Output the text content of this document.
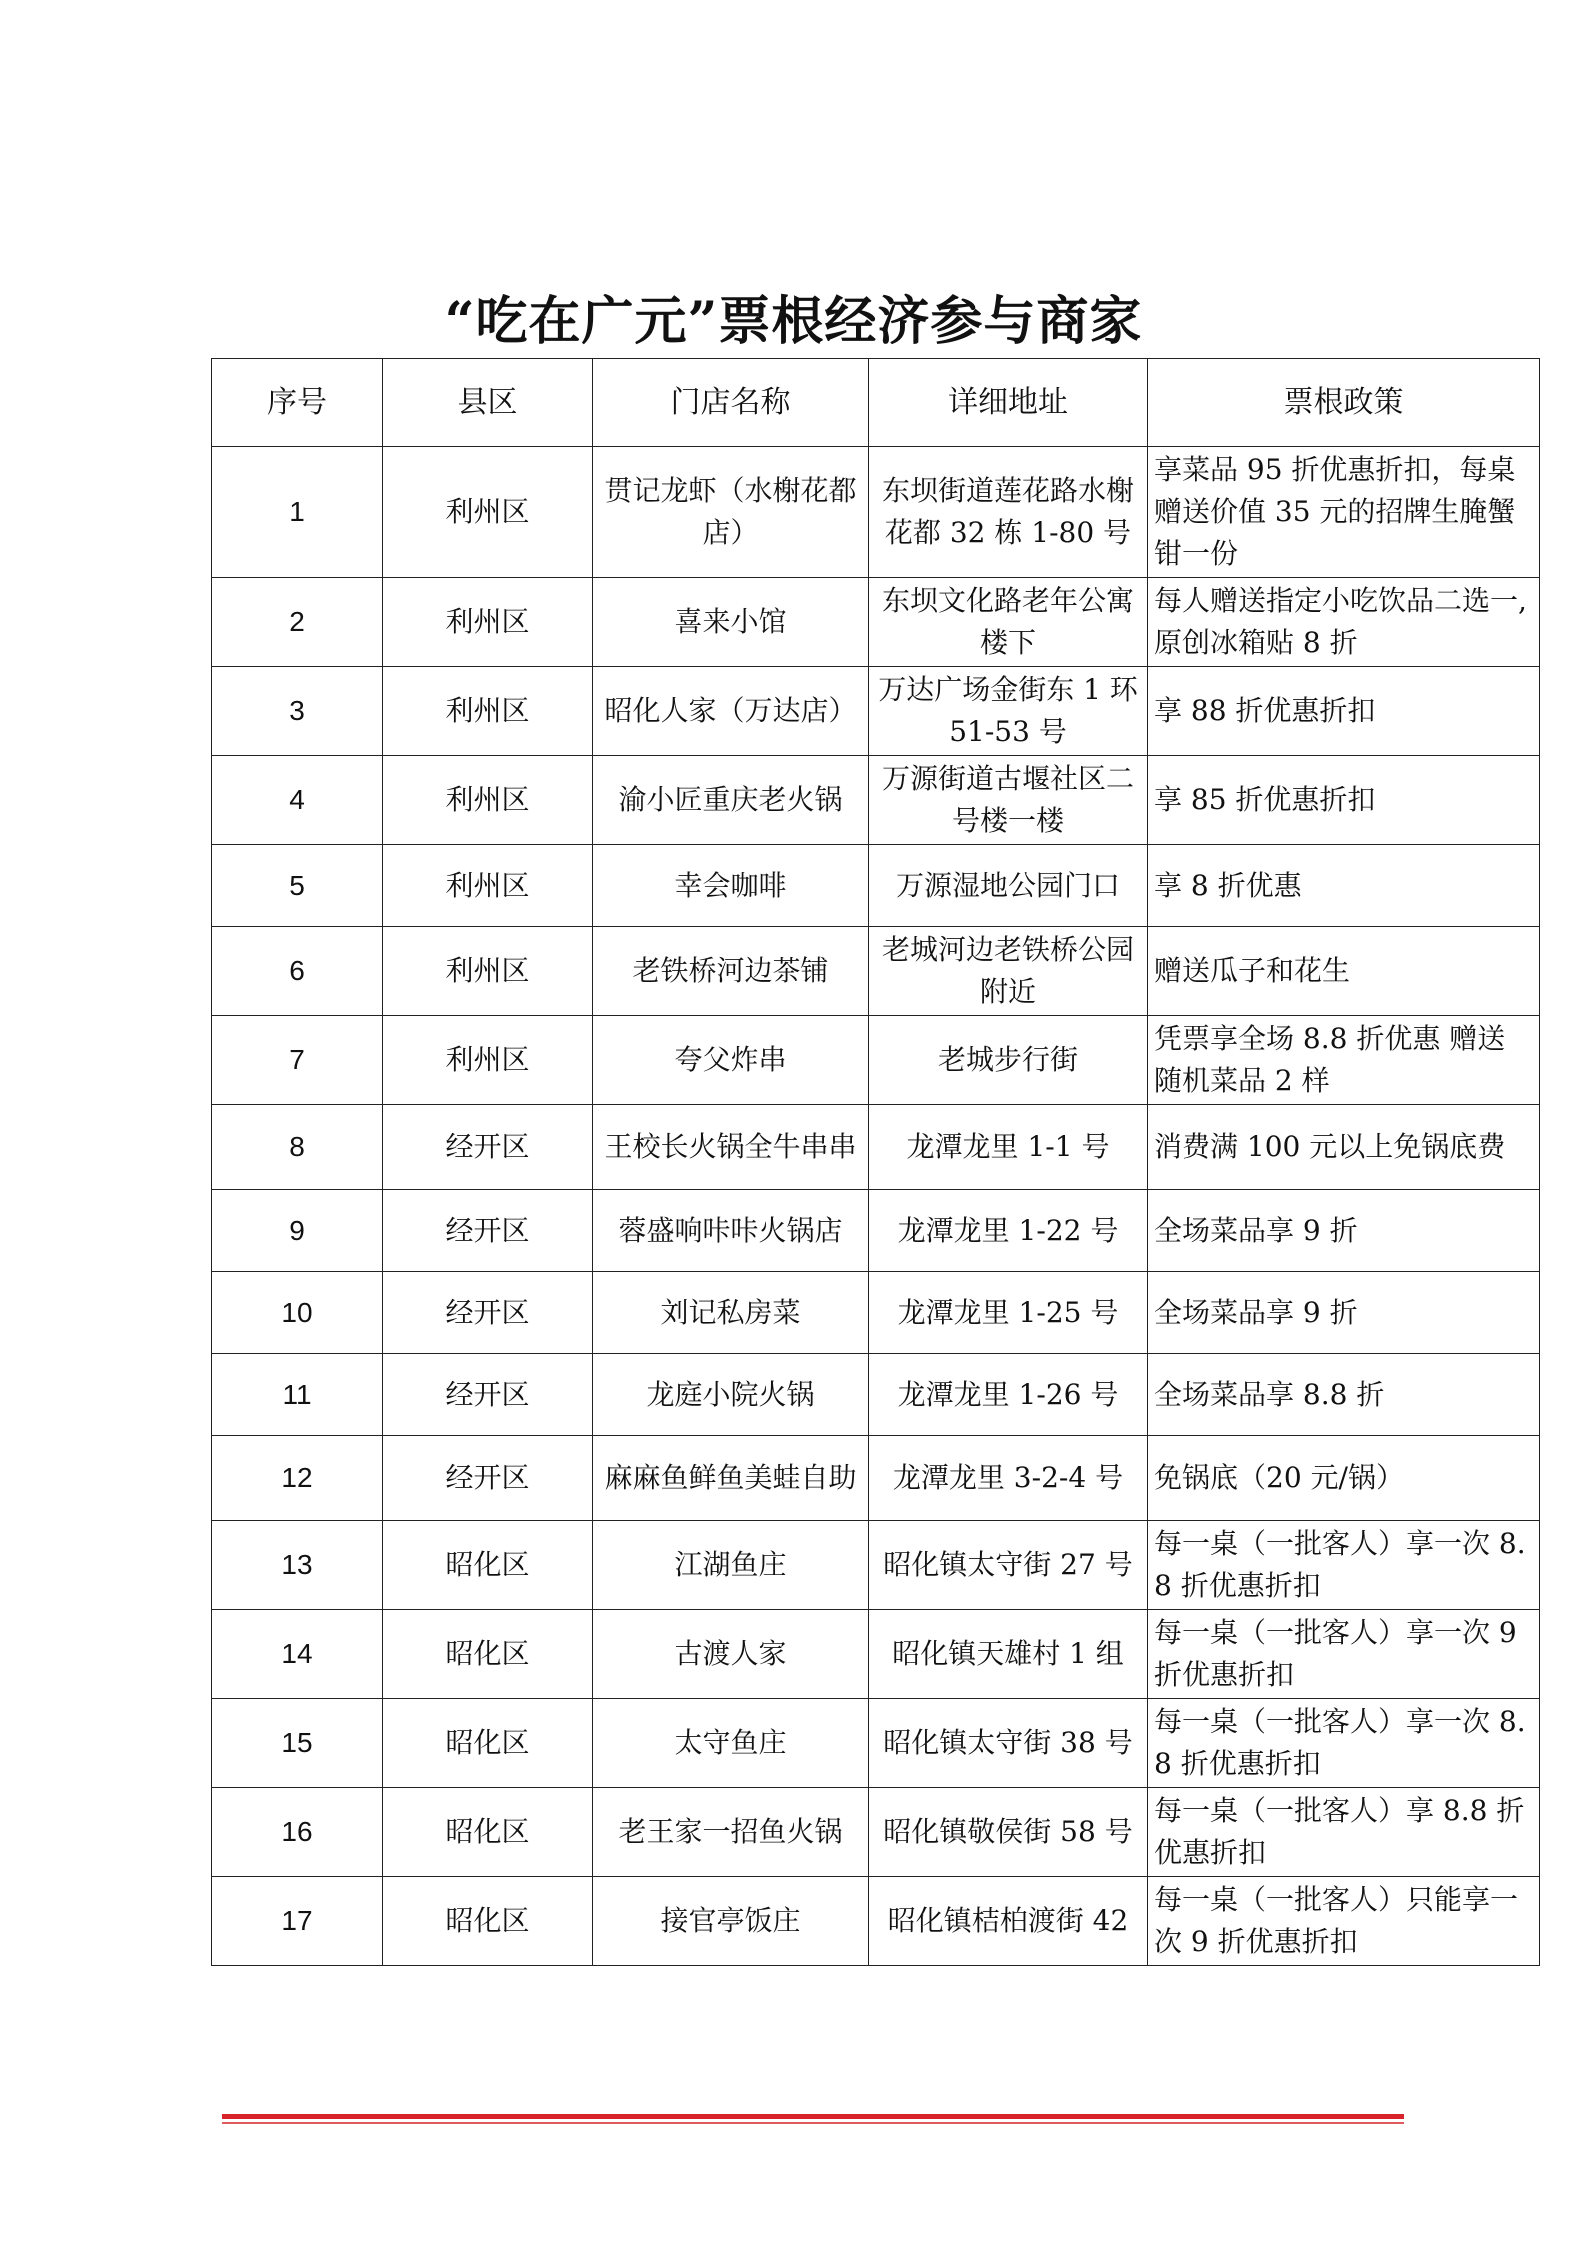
“吃在广元”票根经济参与商家
序号	县区	门店名称	详细地址	票根政策
1	利州区	贯记龙虾（水榭花都店）	东坝街道莲花路水榭花都 32 栋 1-80 号	享菜品 95 折优惠折扣，每桌赠送价值 35 元的招牌生腌蟹钳一份
2	利州区	喜来小馆	东坝文化路老年公寓楼下	每人赠送指定小吃饮品二选一,原创冰箱贴 8 折
3	利州区	昭化人家（万达店）	万达广场金街东 1 环 51-53 号	享 88 折优惠折扣
4	利州区	渝小匠重庆老火锅	万源街道古堰社区二号楼一楼	享 85 折优惠折扣
5	利州区	幸会咖啡	万源湿地公园门口	享 8 折优惠
6	利州区	老铁桥河边茶铺	老城河边老铁桥公园附近	赠送瓜子和花生
7	利州区	夸父炸串	老城步行街	凭票享全场 8.8 折优惠 赠送随机菜品 2 样
8	经开区	王校长火锅全牛串串	龙潭龙里 1-1 号	消费满 100 元以上免锅底费
9	经开区	蓉盛响咔咔火锅店	龙潭龙里 1-22 号	全场菜品享 9 折
10	经开区	刘记私房菜	龙潭龙里 1-25 号	全场菜品享 9 折
11	经开区	龙庭小院火锅	龙潭龙里 1-26 号	全场菜品享 8.8 折
12	经开区	麻麻鱼鲜鱼美蛙自助	龙潭龙里 3-2-4 号	免锅底（20 元/锅）
13	昭化区	江湖鱼庄	昭化镇太守街 27 号	每一桌（一批客人）享一次 8.8 折优惠折扣
14	昭化区	古渡人家	昭化镇天雄村 1 组	每一桌（一批客人）享一次 9 折优惠折扣
15	昭化区	太守鱼庄	昭化镇太守街 38 号	每一桌（一批客人）享一次 8.8 折优惠折扣
16	昭化区	老王家一招鱼火锅	昭化镇敬侯街 58 号	每一桌（一批客人）享 8.8 折优惠折扣
17	昭化区	接官亭饭庄	昭化镇桔柏渡街 42	每一桌（一批客人）只能享一次 9 折优惠折扣
